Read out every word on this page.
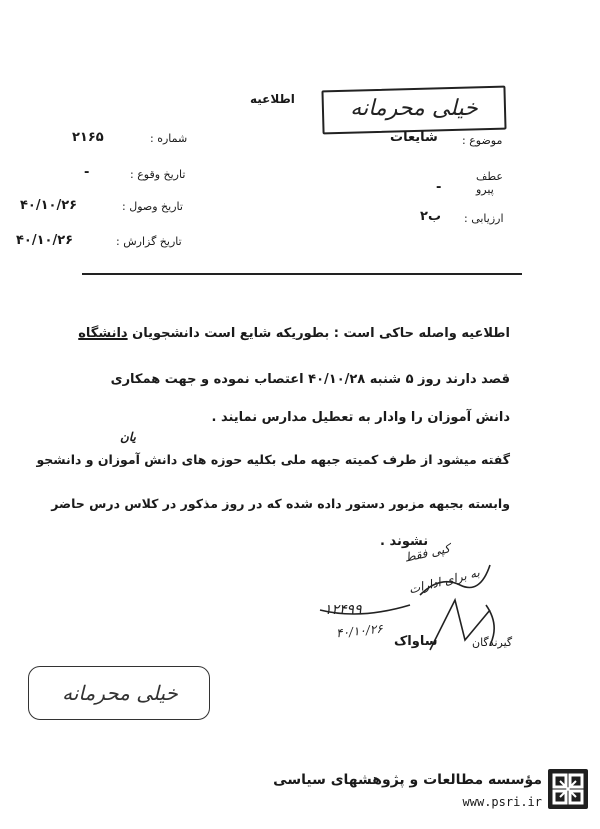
خیلی محرمانه
اطلاعیه
موضوع :
شایعات
عطف
پیرو
-
ارزیابی :
ب۲
شماره :
۲۱۶۵
تاریخ وقوع :
-
تاریخ وصول :
۴۰/۱۰/۲۶
تاریخ گزارش :
۴۰/۱۰/۲۶
اطلاعیه واصله حاکی است : بطوریکه شایع است دانشجویان دانشگاه
قصد دارند روز ۵ شنبه ۴۰/۱۰/۲۸ اعتصاب نموده و جهت همکاری
دانش آموزان را وادار به تعطیل مدارس نمایند .
یان
گفته میشود از طرف کمیته جبهه ملی بکلیه حوزه های دانش آموزان و دانشجو
وابسته بجبهه مزبور دستور داده شده که در روز مذکور در کلاس درس حاضر
نشوند .
کپی فقط
به برای ادارات
۱۲۴۹۹
۴۰/۱۰/۲۶
گیرندگان
ساواک
خیلی محرمانه
مؤسسه مطالعات و پژوهشهای سیاسی
www.psri.ir
